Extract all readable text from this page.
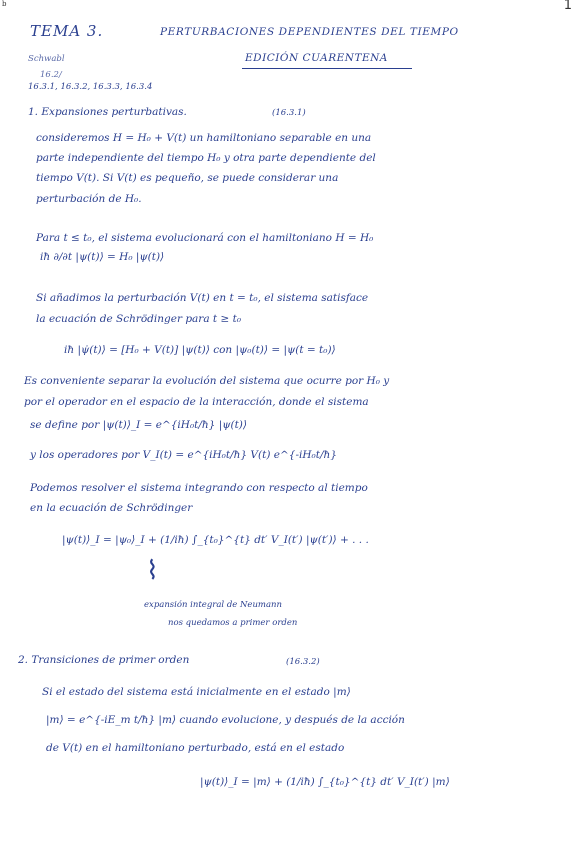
b	1
TEMA 3.	PERTURBACIONES DEPENDIENTES DEL TIEMPO
EDICIÓN CUARENTENA
Schwabl
16.2/
16.3.1, 16.3.2, 16.3.3, 16.3.4
1. Expansiones perturbativas.	(16.3.1)
consideremos H = H₀ + V(t) un hamiltoniano separable en una
parte independiente del tiempo H₀ y otra parte dependiente del
tiempo V(t). Si V(t) es pequeño, se puede considerar una
perturbación de H₀.
Para t ≤ t₀, el sistema evolucionará con el hamiltoniano H = H₀
iħ ∂/∂t |ψ(t)⟩ = H₀ |ψ(t)⟩
Si añadimos la perturbación V(t) en t = t₀, el sistema satisface
la ecuación de Schrödinger para t ≥ t₀
iħ |ψ̇(t)⟩ = [H₀ + V(t)] |ψ(t)⟩ con |ψ₀(t)⟩ = |ψ(t = t₀)⟩
Es conveniente separar la evolución del sistema que ocurre por H₀ y
por el operador en el espacio de la interacción, donde el sistema
se define por |ψ(t)⟩_I = e^{iH₀t/ħ} |ψ(t)⟩
y los operadores por V_I(t) = e^{iH₀t/ħ} V(t) e^{-iH₀t/ħ}
Podemos resolver el sistema integrando con respecto al tiempo
en la ecuación de Schrödinger
|ψ(t)⟩_I = |ψ₀⟩_I + (1/iħ) ∫_{t₀}^{t} dt′ V_I(t′) |ψ(t′)⟩ + . . .
⌇
expansión integral de Neumann
nos quedamos a primer orden
2. Transiciones de primer orden	(16.3.2)
Si el estado del sistema está inicialmente en el estado |m⟩
|m⟩ = e^{-iE_m t/ħ} |m⟩ cuando evolucione, y después de la acción
de V(t) en el hamiltoniano perturbado, está en el estado
|ψ(t)⟩_I = |m⟩ + (1/iħ) ∫_{t₀}^{t} dt′ V_I(t′) |m⟩
